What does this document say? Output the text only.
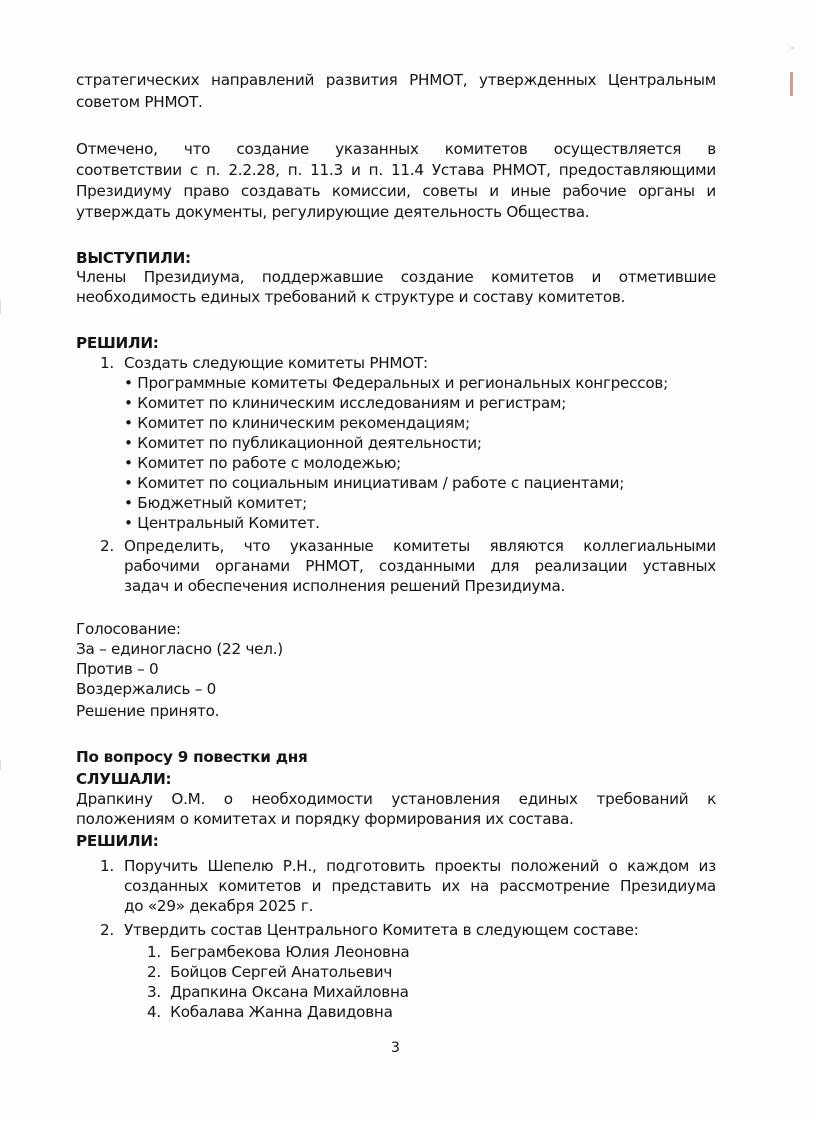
стратегических направлений развития РНМОТ, утвержденных Центральным
советом РНМОТ.
Отмечено, что создание указанных комитетов осуществляется в
соответствии с п. 2.2.28, п. 11.3 и п. 11.4 Устава РНМОТ, предоставляющими
Президиуму право создавать комиссии, советы и иные рабочие органы и
утверждать документы, регулирующие деятельность Общества.
ВЫСТУПИЛИ:
Члены Президиума, поддержавшие создание комитетов и отметившие
необходимость единых требований к структуре и составу комитетов.
РЕШИЛИ:
1. Создать следующие комитеты РНМОТ:
• Программные комитеты Федеральных и региональных конгрессов;
• Комитет по клиническим исследованиям и регистрам;
• Комитет по клиническим рекомендациям;
• Комитет по публикационной деятельности;
• Комитет по работе с молодежью;
• Комитет по социальным инициативам / работе с пациентами;
• Бюджетный комитет;
• Центральный Комитет.
2. Определить, что указанные комитеты являются коллегиальными
рабочими органами РНМОТ, созданными для реализации уставных
задач и обеспечения исполнения решений Президиума.
Голосование:
За – единогласно (22 чел.)
Против – 0
Воздержались – 0
Решение принято.
По вопросу 9 повестки дня
СЛУШАЛИ:
Драпкину О.М. о необходимости установления единых требований к
положениям о комитетах и порядку формирования их состава.
РЕШИЛИ:
1. Поручить Шепелю Р.Н., подготовить проекты положений о каждом из
созданных комитетов и представить их на рассмотрение Президиума
до «29» декабря 2025 г.
2. Утвердить состав Центрального Комитета в следующем составе:
1. Беграмбекова Юлия Леоновна
2. Бойцов Сергей Анатольевич
3. Драпкина Оксана Михайловна
4. Кобалава Жанна Давидовна
3
